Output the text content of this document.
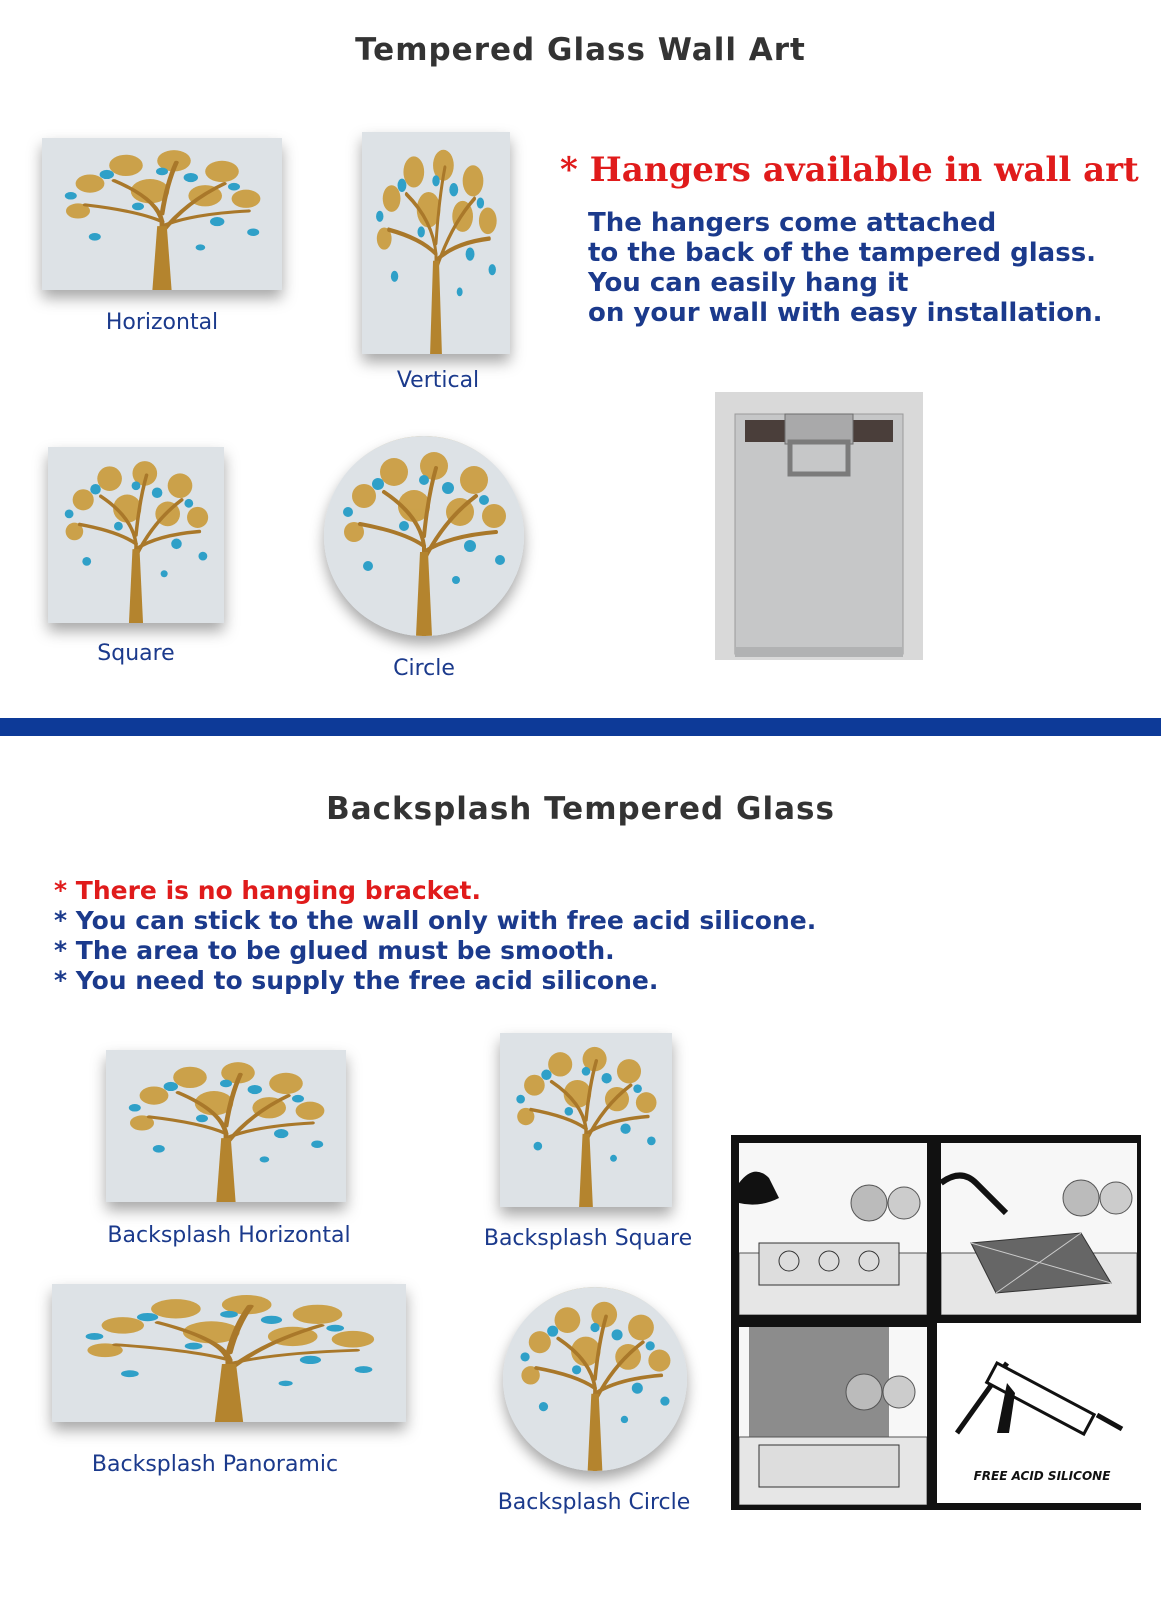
Tempered Glass Wall Art
Horizontal
Vertical
Square
Circle
* Hangers available in wall art
The hangers come attached
to the back of the tampered glass.
You can easily hang it
on your wall with easy installation.
Backsplash Tempered Glass
* There is no hanging bracket.
* You can stick to the wall only with free acid silicone.
* The area to be glued must be smooth.
* You need to supply the free acid silicone.
Backsplash Horizontal	Backsplash Square
Backsplash Panoramic
Backsplash Circle
FREE ACID SILICONE
